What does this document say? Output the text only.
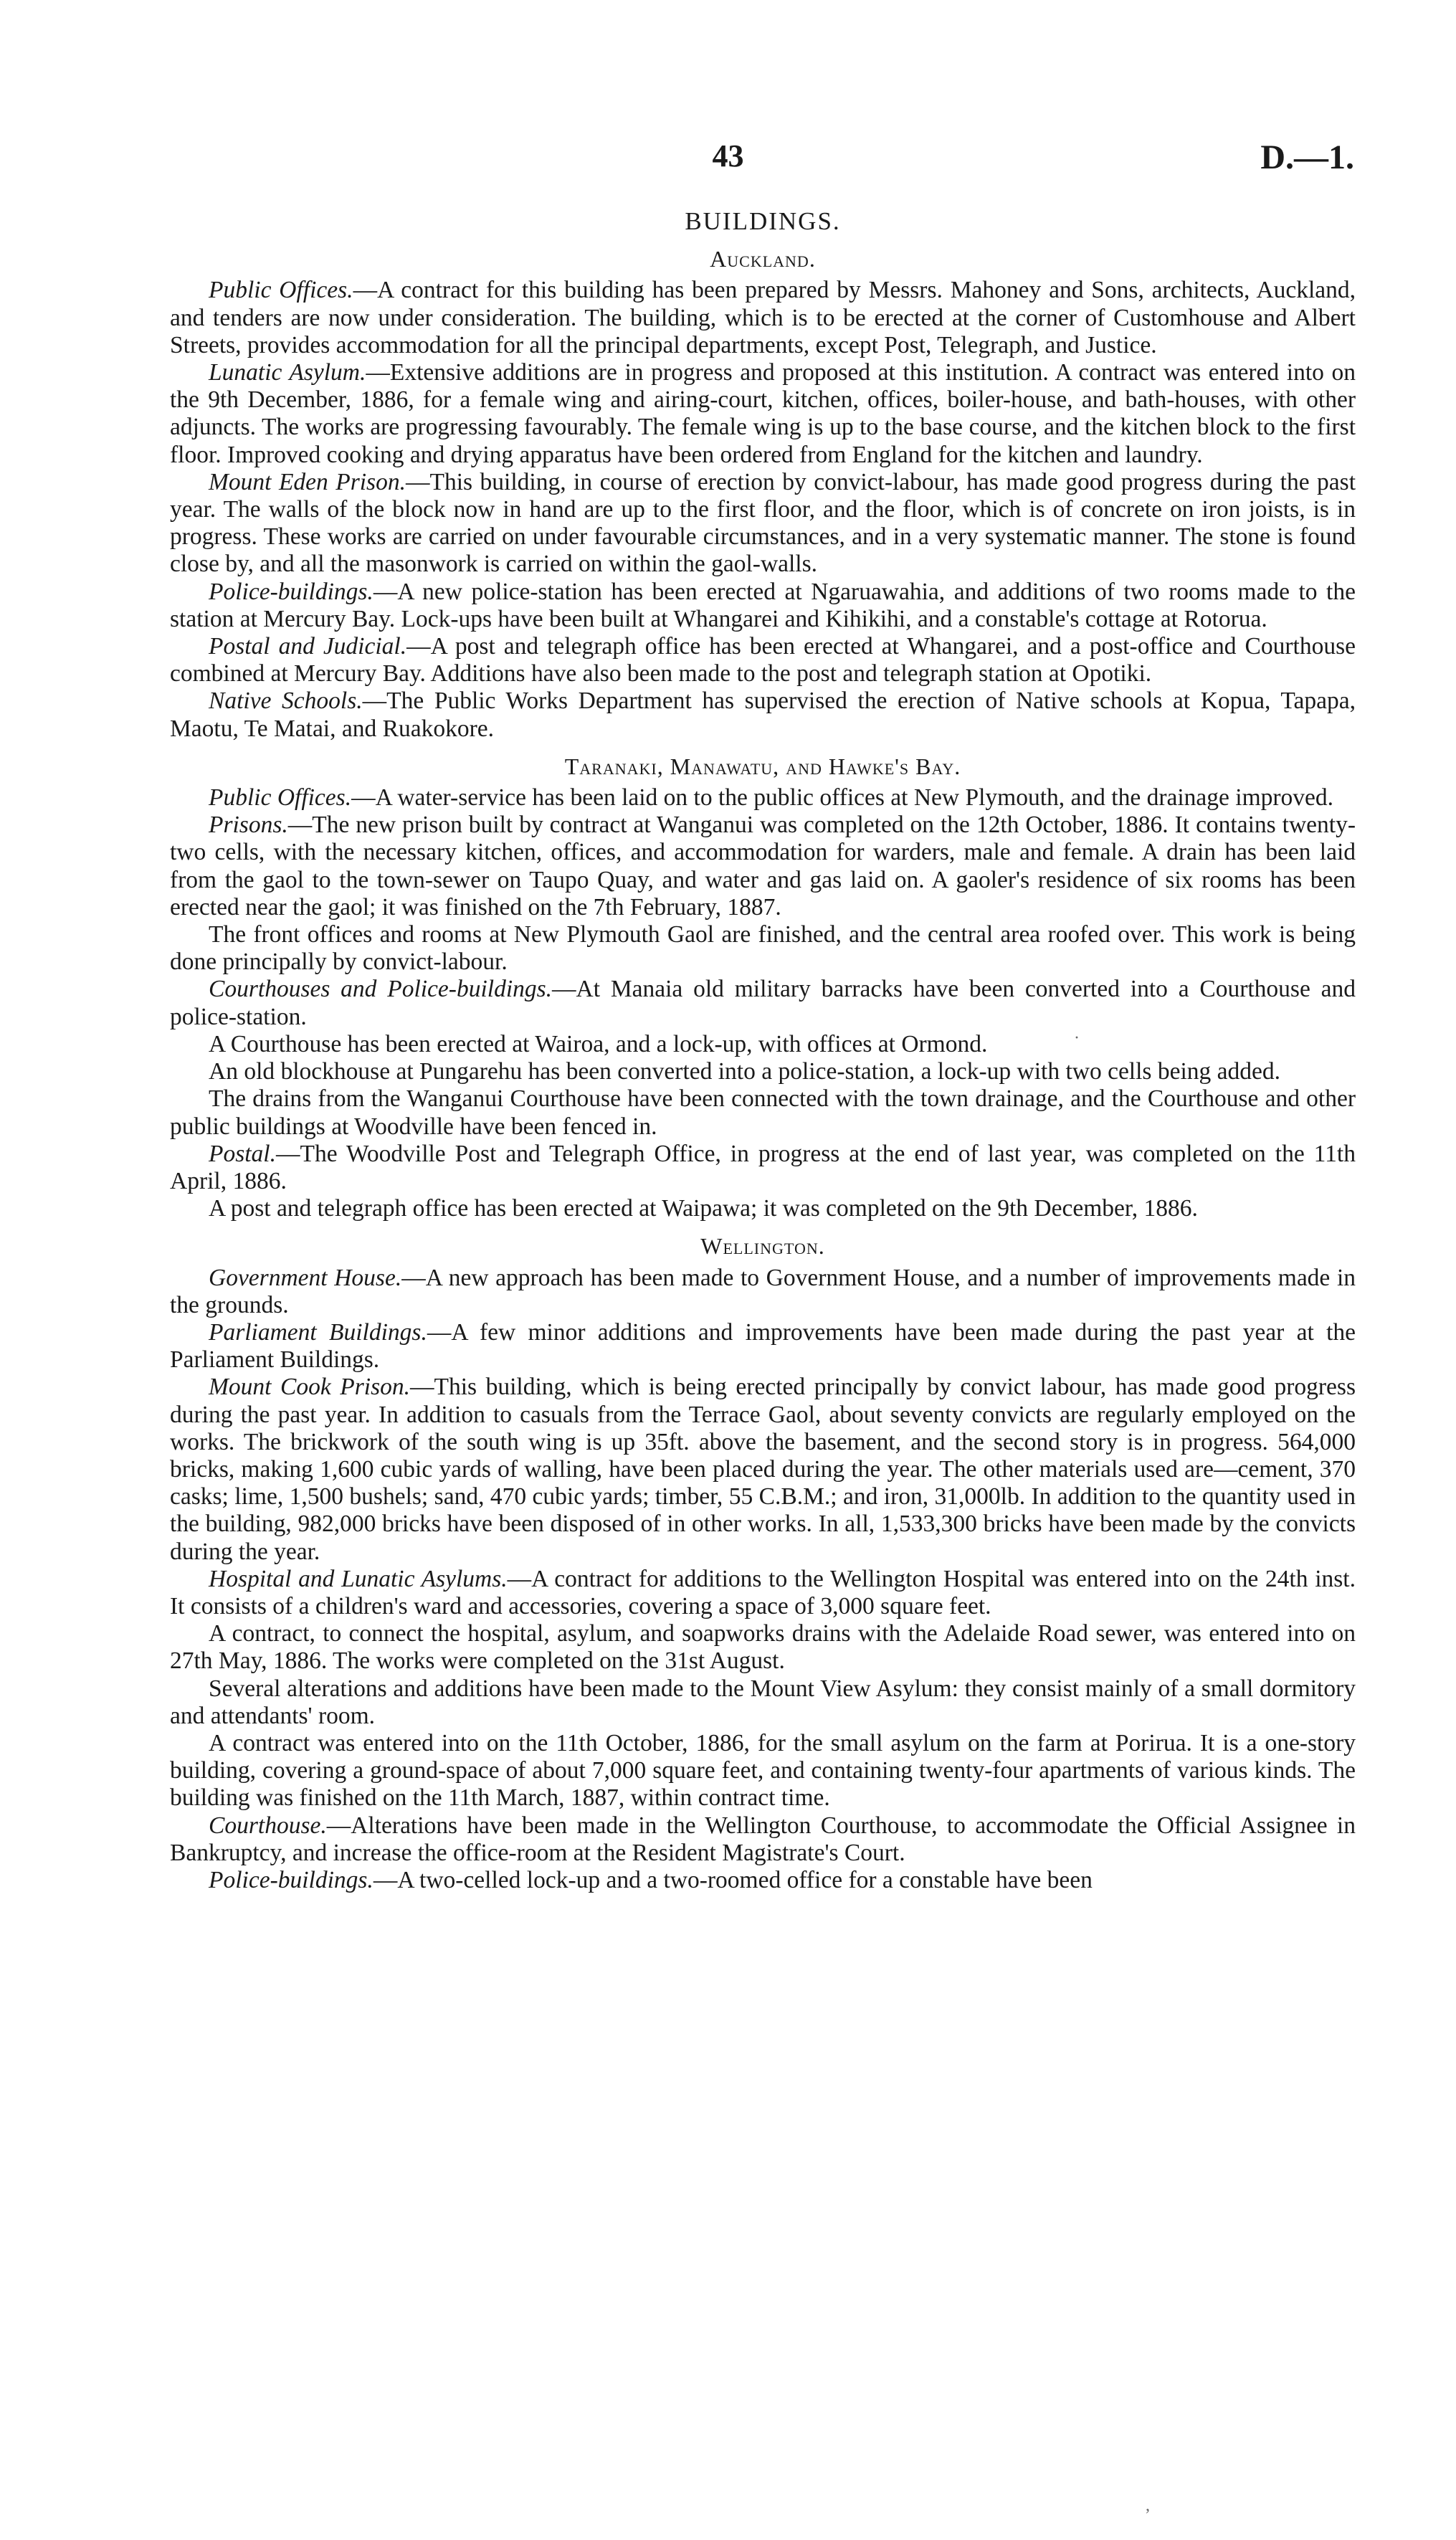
43	D.—1.
BUILDINGS.
Auckland.

Public Offices.—A contract for this building has been prepared by Messrs. Mahoney and Sons, architects, Auckland, and tenders are now under consideration. The building, which is to be erected at the corner of Customhouse and Albert Streets, provides accommodation for all the principal departments, except Post, Telegraph, and Justice.

Lunatic Asylum.—Extensive additions are in progress and proposed at this institution. A contract was entered into on the 9th December, 1886, for a female wing and airing-court, kitchen, offices, boiler-house, and bath-houses, with other adjuncts. The works are progressing favourably. The female wing is up to the base course, and the kitchen block to the first floor. Improved cooking and drying apparatus have been ordered from England for the kitchen and laundry.

Mount Eden Prison.—This building, in course of erection by convict-labour, has made good progress during the past year. The walls of the block now in hand are up to the first floor, and the floor, which is of concrete on iron joists, is in progress. These works are carried on under favourable circumstances, and in a very systematic manner. The stone is found close by, and all the masonwork is carried on within the gaol-walls.

Police-buildings.—A new police-station has been erected at Ngaruawahia, and additions of two rooms made to the station at Mercury Bay. Lock-ups have been built at Whangarei and Kihikihi, and a constable's cottage at Rotorua.

Postal and Judicial.—A post and telegraph office has been erected at Whangarei, and a post-office and Courthouse combined at Mercury Bay. Additions have also been made to the post and telegraph station at Opotiki.

Native Schools.—The Public Works Department has supervised the erection of Native schools at Kopua, Tapapa, Maotu, Te Matai, and Ruakokore.

Taranaki, Manawatu, and Hawke's Bay.

Public Offices.—A water-service has been laid on to the public offices at New Plymouth, and the drainage improved.

Prisons.—The new prison built by contract at Wanganui was completed on the 12th October, 1886. It contains twenty-two cells, with the necessary kitchen, offices, and accommodation for warders, male and female. A drain has been laid from the gaol to the town-sewer on Taupo Quay, and water and gas laid on. A gaoler's residence of six rooms has been erected near the gaol; it was finished on the 7th February, 1887.

The front offices and rooms at New Plymouth Gaol are finished, and the central area roofed over. This work is being done principally by convict-labour.

Courthouses and Police-buildings.—At Manaia old military barracks have been converted into a Courthouse and police-station.

A Courthouse has been erected at Wairoa, and a lock-up, with offices at Ormond.

An old blockhouse at Pungarehu has been converted into a police-station, a lock-up with two cells being added.

The drains from the Wanganui Courthouse have been connected with the town drainage, and the Courthouse and other public buildings at Woodville have been fenced in.

Postal.—The Woodville Post and Telegraph Office, in progress at the end of last year, was completed on the 11th April, 1886.

A post and telegraph office has been erected at Waipawa; it was completed on the 9th December, 1886.

Wellington.

Government House.—A new approach has been made to Government House, and a number of improvements made in the grounds.

Parliament Buildings.—A few minor additions and improvements have been made during the past year at the Parliament Buildings.

Mount Cook Prison.—This building, which is being erected principally by convict labour, has made good progress during the past year. In addition to casuals from the Terrace Gaol, about seventy convicts are regularly employed on the works. The brickwork of the south wing is up 35ft. above the basement, and the second story is in progress. 564,000 bricks, making 1,600 cubic yards of walling, have been placed during the year. The other materials used are—cement, 370 casks; lime, 1,500 bushels; sand, 470 cubic yards; timber, 55 C.B.M.; and iron, 31,000lb. In addition to the quantity used in the building, 982,000 bricks have been disposed of in other works. In all, 1,533,300 bricks have been made by the convicts during the year.

Hospital and Lunatic Asylums.—A contract for additions to the Wellington Hospital was entered into on the 24th inst. It consists of a children's ward and accessories, covering a space of 3,000 square feet.

A contract, to connect the hospital, asylum, and soapworks drains with the Adelaide Road sewer, was entered into on 27th May, 1886. The works were completed on the 31st August.

Several alterations and additions have been made to the Mount View Asylum: they consist mainly of a small dormitory and attendants' room.

A contract was entered into on the 11th October, 1886, for the small asylum on the farm at Porirua. It is a one-story building, covering a ground-space of about 7,000 square feet, and containing twenty-four apartments of various kinds. The building was finished on the 11th March, 1887, within contract time.

Courthouse.—Alterations have been made in the Wellington Courthouse, to accommodate the Official Assignee in Bankruptcy, and increase the office-room at the Resident Magistrate's Court.

Police-buildings.—A two-celled lock-up and a two-roomed office for a constable have been

·
,
